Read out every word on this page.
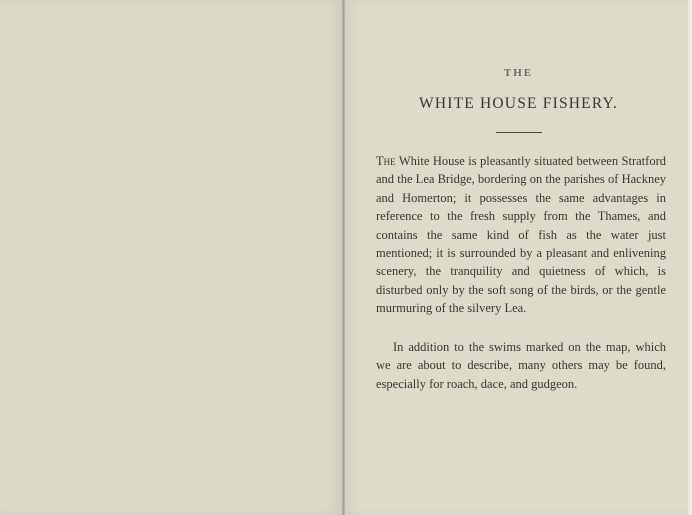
THE
WHITE HOUSE FISHERY.
The White House is pleasantly situated between Stratford and the Lea Bridge, bordering on the parishes of Hackney and Homerton; it possesses the same advantages in reference to the fresh supply from the Thames, and contains the same kind of fish as the water just mentioned; it is surrounded by a pleasant and enlivening scenery, the tranquility and quietness of which, is disturbed only by the soft song of the birds, or the gentle murmuring of the silvery Lea.
In addition to the swims marked on the map, which we are about to describe, many others may be found, especially for roach, dace, and gudgeon.
